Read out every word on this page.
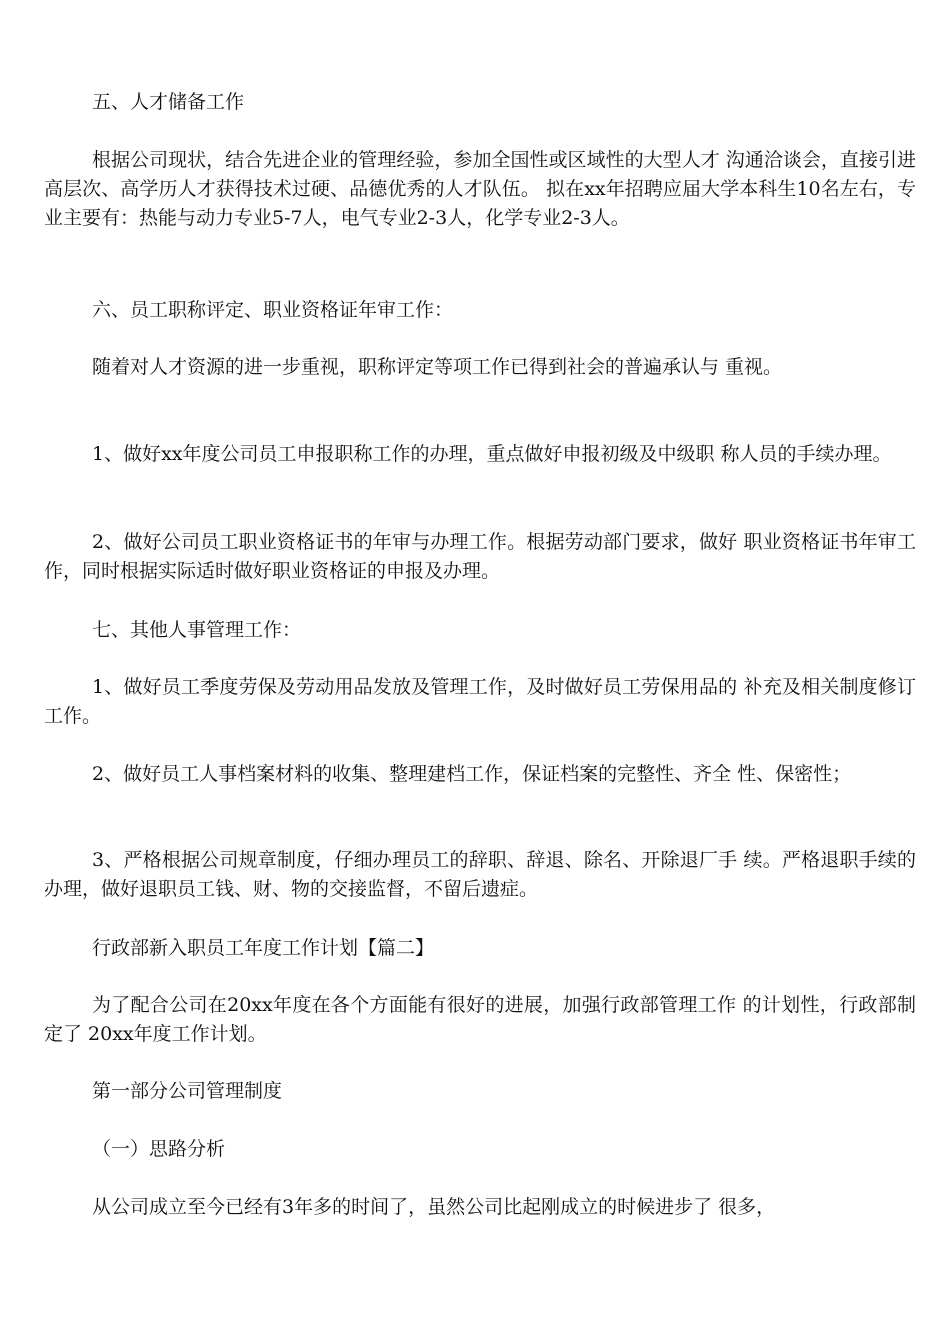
五、人才储备工作

根据公司现状，结合先进企业的管理经验，参加全国性或区域性的大型人才 沟通洽谈会，直接引进高层次、高学历人才获得技术过硬、品德优秀的人才队伍。 拟在xx年招聘应届大学本科生10名左右，专业主要有：热能与动力专业5-7人，电气专业2-3人，化学专业2-3人。

六、员工职称评定、职业资格证年审工作：

随着对人才资源的进一步重视，职称评定等项工作已得到社会的普遍承认与 重视。

1、做好xx年度公司员工申报职称工作的办理，重点做好申报初级及中级职 称人员的手续办理。

2、做好公司员工职业资格证书的年审与办理工作。根据劳动部门要求，做好 职业资格证书年审工作，同时根据实际适时做好职业资格证的申报及办理。

七、其他人事管理工作：

1、做好员工季度劳保及劳动用品发放及管理工作，及时做好员工劳保用品的 补充及相关制度修订工作。

2、做好员工人事档案材料的收集、整理建档工作，保证档案的完整性、齐全 性、保密性；

3、严格根据公司规章制度，仔细办理员工的辞职、辞退、除名、开除退厂手 续。严格退职手续的办理，做好退职员工钱、财、物的交接监督，不留后遗症。

行政部新入职员工年度工作计划【篇二】

为了配合公司在20xx年度在各个方面能有很好的进展，加强行政部管理工作 的计划性，行政部制定了 20xx年度工作计划。

第一部分公司管理制度

（一）思路分析

从公司成立至今已经有3年多的时间了，虽然公司比起刚成立的时候进步了 很多，
